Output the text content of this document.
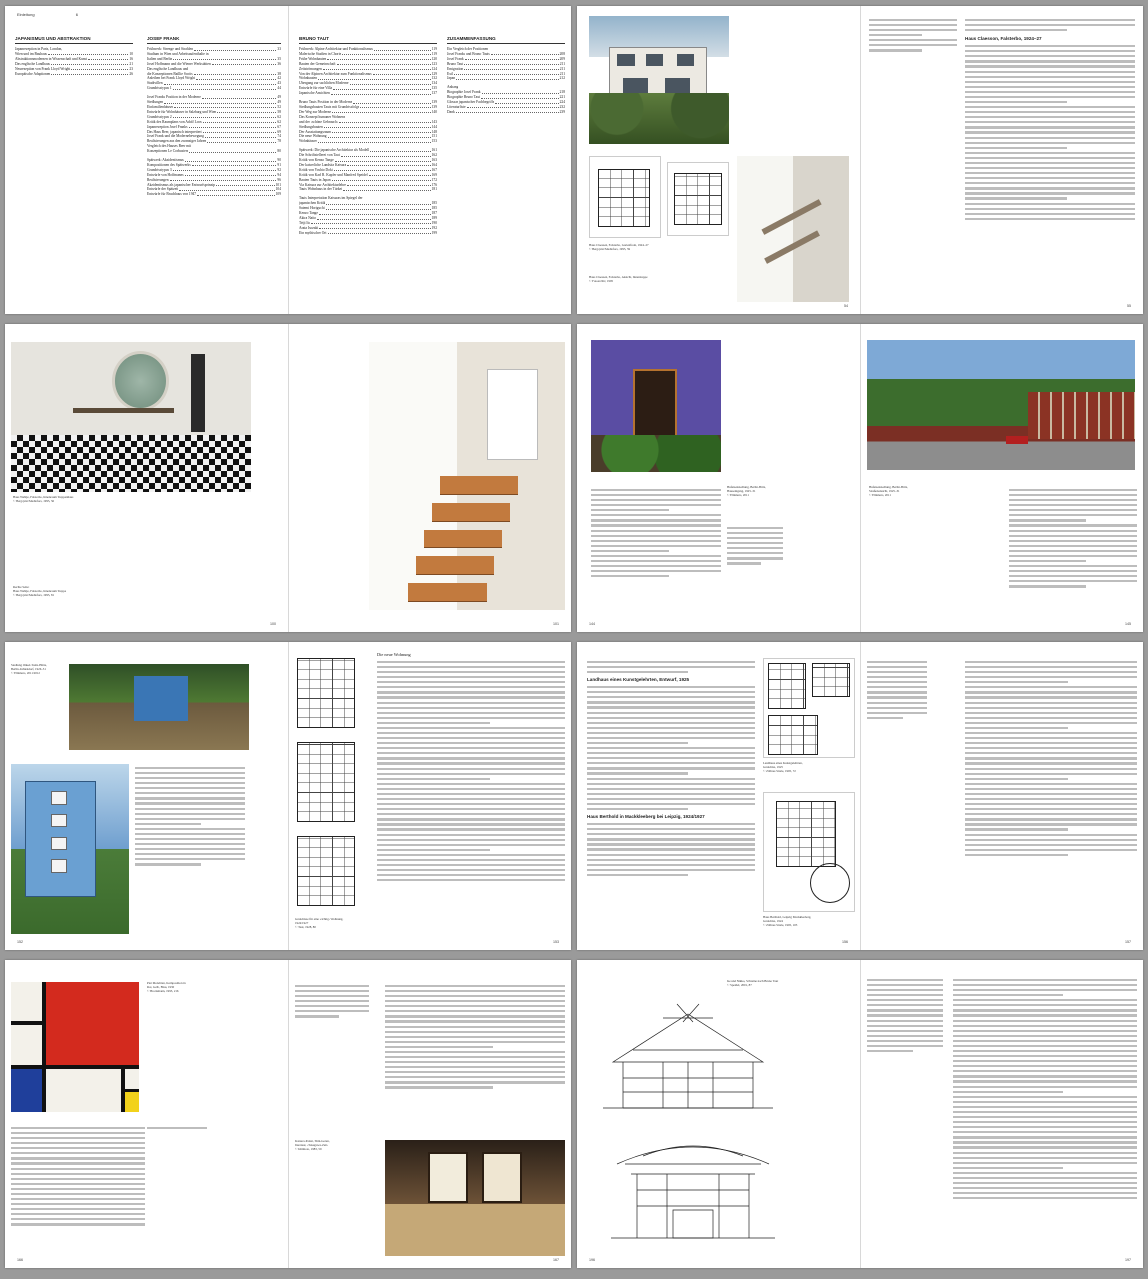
Einleitung	6
JAPANISMUS UND ABSTRAKTION
Japanrezeption in Paris, London,
Wien und im Bauhaus	10
Abstraktionsmodernen in Wissenschaft und Kunst	16
Das englische Landhaus	21
Neurezeption von Frank Lloyd Wright	23
Europäische Adaptionen	26
JOSEF FRANK
Frühwerk: Strenge und Strahlen	33
Studium in Wien und Arbeitsaufenthalte in
Italien und Berlin	35
Josef Hoffmann und die Wiener Werkstätten	36
Das englische Landhaus und
die Konzeptionen Baillie Scotts	38
Anleihen bei Frank Lloyd Wright	42
Stadtvillen	43
Grundrisstypus 1	44
Josef Franks Position in der Moderne	49
Siedlungen	49
Einfamilienhäuser	52
Entwürfe für Wohnhäuser in Salzburg und Wien	58
Grundrisstypus 2	62
Kritik des Raumplans von Adolf Loos	62
Japanrezeption Josef Franks	67
Das Haus Beer, japanisch interpretiert	69
Josef Frank und die Modernebewegung	74
Realisierungen aus den zwanziger Jahren	78
Vergleich des Hauses Beer mit
Konzeptionen Le Corbusiers	80
Spätwerk: Akzidentismus	90
Kompositionen des Spätwerks	91
Grundrisstypus 3	92
Entwürfe von Hoffmanns	94
Realisierungen	96
Akzidentismus als japanischer Entwurfsprinzip	101
Entwürfe der Spätzeit	104
Entwürfe für Bruchhaus von 1947	109
BRUNO TAUT
Frühwerk: Alpine Architektur und Funktionalismus	119
Malerische Studien in Chorin	119
Frühe Wohnbauten	120
Bauten der Gemeinschaft	123
Zeitströmungen	124
Von der Alpinen Architektur zum Funktionalismus	129
Wohnbauten	132
Übergang zur sachlichen Moderne	134
Entwürfe für eine Villa	135
Japanische Ansichten	137
Bruno Tauts Position in der Moderne	139
Siedlungsbauten Tauts mit Grundrissfolge	139
Der Weg zur Moderne	140
Das Konzept humaner Wohnens
und der ›schöne Gebrauch‹	143
Siedlungsbauten	144
Der Ausstattungsraum	148
Die neue Wohnung	151
Wohnhäuser	153
Spätwerk: Die japanische Architektur als Modell	161
Die Schriftstellerei von Taut	162
Kritik von Kenzo Tange	163
Der kaiserliche Landsitz Katsura	164
Kritik von Yoshio Doki	167
Kritik von Karl R. Kupfer und Manfred Speidel	169
Bauten Tauts in Japan	172
Via Katsura zur Architekturlehre	176
Tauts Wohnhaus in der Türkei	181
Tauts Interpretation Katsuras im Spiegel der
japanischen Kritik	185
Sutemi Horiguchi	185
Kenzo Tange	187
Akira Naito	189
Teiji Ito	190
Arata Isozaki	192
Ein mythischer Ort	199
ZUSAMMENFASSUNG
Ein Vergleich der Positionen
Josef Franks und Bruno Tauts	208
Josef Frank	209
Bruno Taut	211
Emigration	211
Exil	211
Japan	212
Anhang
Biographie Josef Frank	218
Biographie Bruno Taut	221
Glossar japanischer Fachbegriffe	224
Literaturliste	232
Dank	239
Haus Claessen, Falsterbo, Gartenfront, 1924–27
© Bergqvist/Medlefors, 1995, 59
Haus Claessen, Falsterbo, Ansicht, Innentreppe
© Fotoarchiv, 1995
54
Haus Claesson, Falsterbo, 1924–27
55
Haus Wehtje, Falsterbo, Innenraum Treppenhaus
© Bergqvist/Medlefors, 1995, 56
Rechte Seite:
Haus Wehtje, Falsterbo, Innenraum Treppe
© Bergqvist/Medlefors, 1995, 81
100	101
Hufeisensiedlung, Berlin-Britz,
Hauseingang, 1925–31
© Elmmers, 2011
144
Hufeisensiedlung, Berlin-Britz,
Straßenansicht, 1925–31
© Elmmers, 2011
145
Siedlung Onkel-Toms-Hütte,
Berlin-Zehlendorf, 1926–31
© Elmmers, 2011/2012
152
Grundrisse für eine ›richtig‹ Wohnung,
1924/1927
© Taut, 1928, 80
Die neue Wohnung
153
Landhaus eines Kunstgelehrten, Entwurf, 1925
Haus Berthold in Mackkleeberg bei Leipzig, 1924/1927
Landhaus eines Kunstgelehrten,
Grundriss, 1925
© Zöllner-Strele, 1995, 72
Haus Berthold, Leipzig Mackkleeberg,
Grundriss, 1924
© Zöllner-Strele, 1995, 103
156	157
Piet Mondrian, Komposition in
Rot, Gelb, Blau, 1930
© Brockmann, 1993, 216
166
Katsura-Palast, Shin-Goten,
Interieur, ›Tokugawa-Zeit‹
© Ishimoto, 1983, 59
167
Ise und Nikko, Schreine nach Bruno Taut
© Speidel, 2001, 87
196	197
